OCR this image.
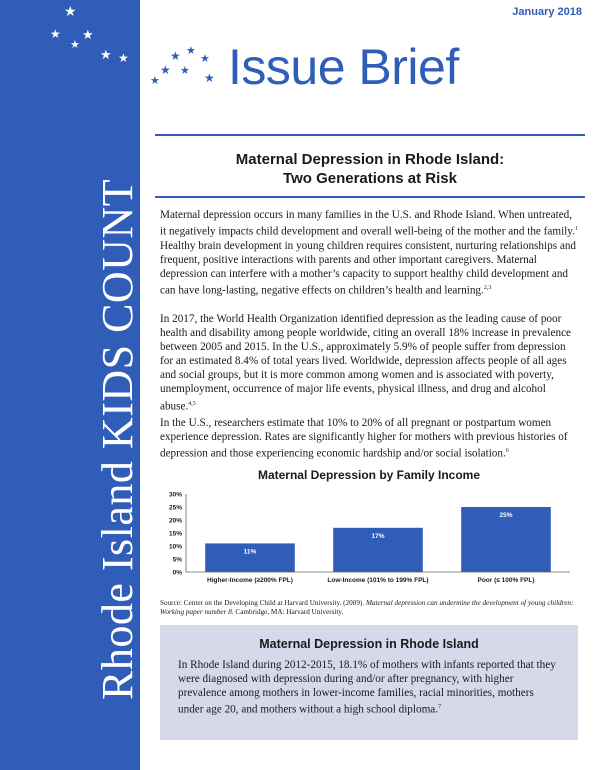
Rhode Island KIDS COUNT
★
★ ★
★
★ ★	★ ★
★
★ ★ ★
★
January 2018
Issue Brief
Maternal Depression in Rhode Island:
Two Generations at Risk

Maternal depression occurs in many families in the U.S. and Rhode Island. When untreated, it negatively impacts child development and overall well-being of the mother and the family.$^1$ Healthy brain development in young children requires consistent, nurturing relationships and frequent, positive interactions with parents and other important caregivers. Maternal depression can interfere with a mother’s capacity to support healthy child development and can have long-lasting, negative effects on children’s health and learning.$^{2,3}$

In 2017, the World Health Organization identified depression as the leading cause of poor health and disability among people worldwide, citing an overall 18% increase in prevalence between 2005 and 2015. In the U.S., approximately 5.9% of people suffer from depression for an estimated 8.4% of total years lived. Worldwide, depression affects people of all ages and social groups, but it is more common among women and is associated with poverty, unemployment, occurrence of major life events, physical illness, and drug and alcohol abuse.$^{4,5}$

In the U.S., researchers estimate that 10% to 20% of all pregnant or postpartum women experience depression. Rates are significantly higher for mothers with previous histories of depression and those experiencing economic hardship and/or social isolation.$^6$

Maternal Depression by Family Income
0%
5%
10%
15%
20%
25%
30%
11%
Higher-Income (≥200% FPL)
17%
Low-Income (101% to 199% FPL)
25%
Poor (≤ 100% FPL)
Source: Center on the Developing Child at Harvard University. (2009). Maternal depression can undermine the development of young children: Working paper number 8. Cambridge, MA: Harvard University.
Maternal Depression in Rhode Island

In Rhode Island during 2012-2015, 18.1% of mothers with infants reported that they were diagnosed with depression during and/or after pregnancy, with higher prevalence among mothers in lower-income families, racial minorities, mothers under age 20, and mothers without a high school diploma.$^7$
